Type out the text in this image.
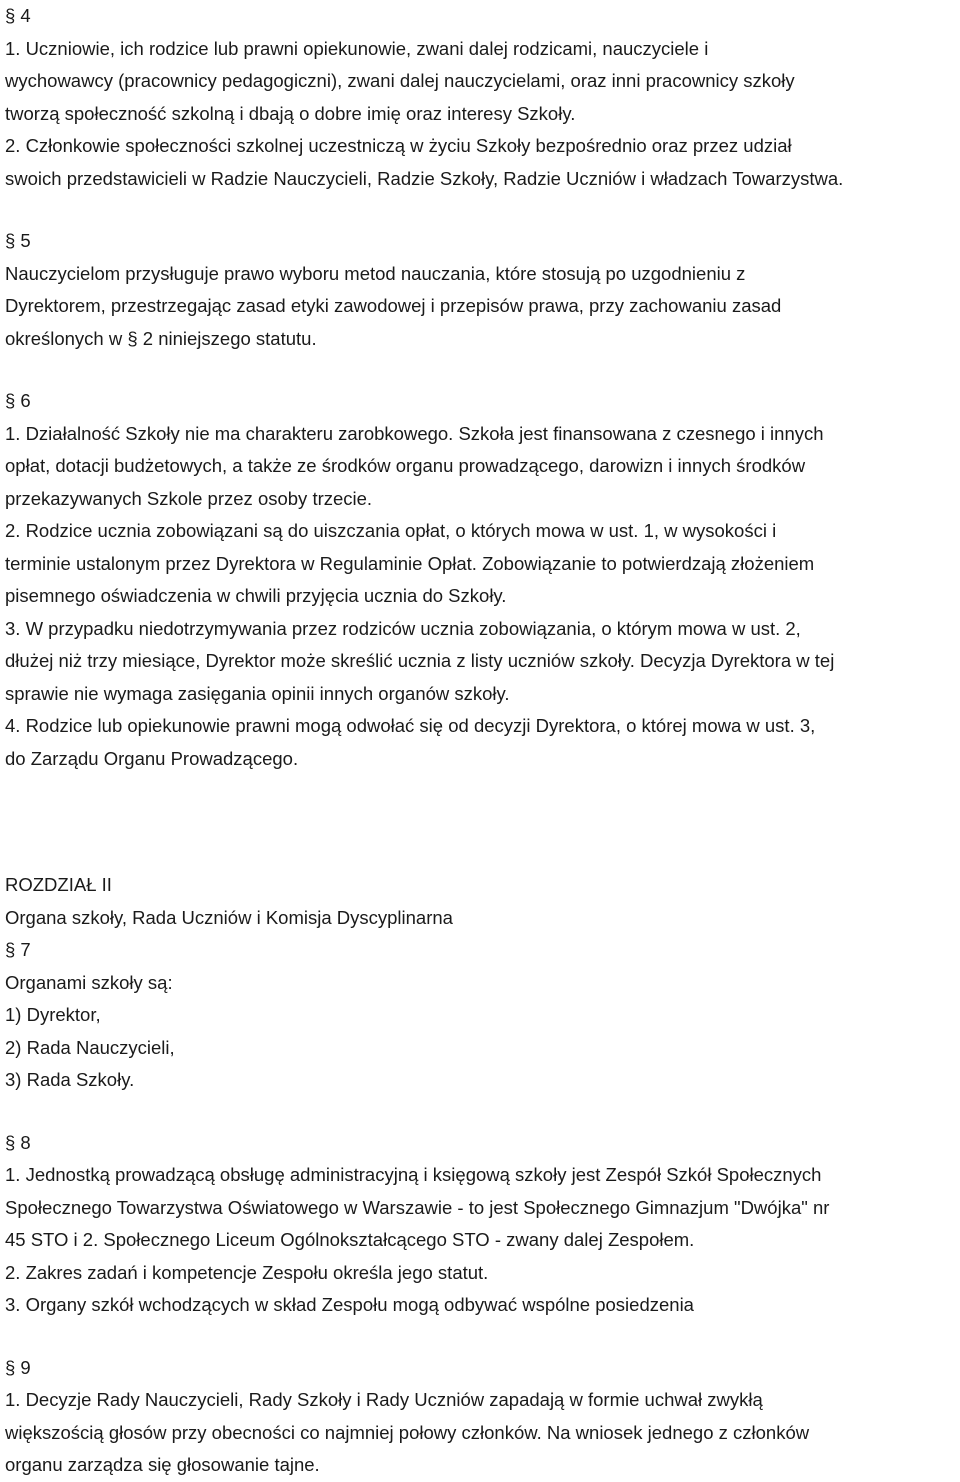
§ 4
1. Uczniowie, ich rodzice lub prawni opiekunowie, zwani dalej rodzicami, nauczyciele i
wychowawcy (pracownicy pedagogiczni), zwani dalej nauczycielami, oraz inni pracownicy szkoły
tworzą społeczność szkolną i dbają o dobre imię oraz interesy Szkoły.
2. Członkowie społeczności szkolnej uczestniczą w życiu Szkoły bezpośrednio oraz przez udział
swoich przedstawicieli w Radzie Nauczycieli, Radzie Szkoły, Radzie Uczniów i władzach Towarzystwa.
§ 5
Nauczycielom przysługuje prawo wyboru metod nauczania, które stosują po uzgodnieniu z
Dyrektorem, przestrzegając zasad etyki zawodowej i przepisów prawa, przy zachowaniu zasad
określonych w § 2 niniejszego statutu.
§ 6
1. Działalność Szkoły nie ma charakteru zarobkowego. Szkoła jest finansowana z czesnego i innych
opłat, dotacji budżetowych, a także ze środków organu prowadzącego, darowizn i innych środków
przekazywanych Szkole przez osoby trzecie.
2. Rodzice ucznia zobowiązani są do uiszczania opłat, o których mowa w ust. 1, w wysokości i
terminie ustalonym przez Dyrektora w Regulaminie Opłat. Zobowiązanie to potwierdzają złożeniem
pisemnego oświadczenia w chwili przyjęcia ucznia do Szkoły.
3. W przypadku niedotrzymywania przez rodziców ucznia zobowiązania, o którym mowa w ust. 2,
dłużej niż trzy miesiące, Dyrektor może skreślić ucznia z listy uczniów szkoły. Decyzja Dyrektora w tej
sprawie nie wymaga zasięgania opinii innych organów szkoły.
4. Rodzice lub opiekunowie prawni mogą odwołać się od decyzji Dyrektora, o której mowa w ust. 3,
do Zarządu Organu Prowadzącego.
ROZDZIAŁ II
Organa szkoły, Rada Uczniów i Komisja Dyscyplinarna
§ 7
Organami szkoły są:
1) Dyrektor,
2) Rada Nauczycieli,
3) Rada Szkoły.
§ 8
1. Jednostką prowadzącą obsługę administracyjną i księgową szkoły jest Zespół Szkół Społecznych
Społecznego Towarzystwa Oświatowego w Warszawie - to jest Społecznego Gimnazjum "Dwójka" nr
45 STO i 2. Społecznego Liceum Ogólnokształcącego STO - zwany dalej Zespołem.
2. Zakres zadań i kompetencje Zespołu określa jego statut.
3. Organy szkół wchodzących w skład Zespołu mogą odbywać wspólne posiedzenia
§ 9
1. Decyzje Rady Nauczycieli, Rady Szkoły i Rady Uczniów zapadają w formie uchwał zwykłą
większością głosów przy obecności co najmniej połowy członków. Na wniosek jednego z członków
organu zarządza się głosowanie tajne.
